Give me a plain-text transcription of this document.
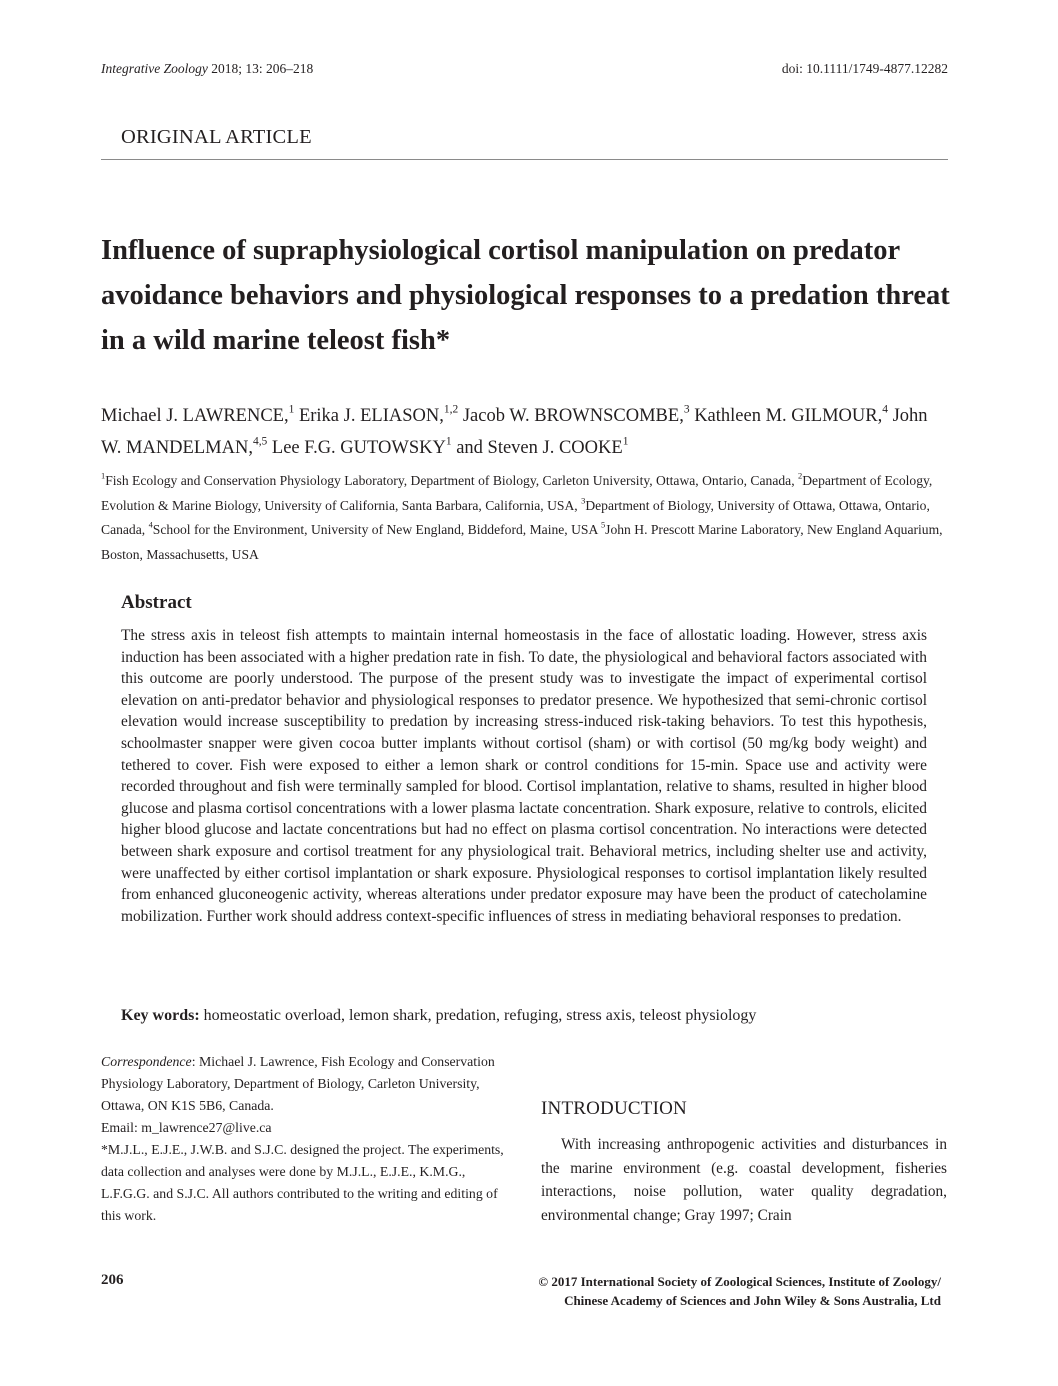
Integrative Zoology 2018; 13: 206–218	doi: 10.1111/1749-4877.12282
ORIGINAL ARTICLE
Influence of supraphysiological cortisol manipulation on predator avoidance behaviors and physiological responses to a predation threat in a wild marine teleost fish*
Michael J. LAWRENCE,$^1$ Erika J. ELIASON,$^{1,2}$ Jacob W. BROWNSCOMBE,$^3$ Kathleen M. GILMOUR,$^4$ John W. MANDELMAN,$^{4,5}$ Lee F.G. GUTOWSKY$^1$ and Steven J. COOKE$^1$
$^1$Fish Ecology and Conservation Physiology Laboratory, Department of Biology, Carleton University, Ottawa, Ontario, Canada, $^2$Department of Ecology, Evolution & Marine Biology, University of California, Santa Barbara, California, USA, $^3$Department of Biology, University of Ottawa, Ottawa, Ontario, Canada, $^4$School for the Environment, University of New England, Biddeford, Maine, USA $^5$John H. Prescott Marine Laboratory, New England Aquarium, Boston, Massachusetts, USA
Abstract

The stress axis in teleost fish attempts to maintain internal homeostasis in the face of allostatic loading. However, stress axis induction has been associated with a higher predation rate in fish. To date, the physiological and behavioral factors associated with this outcome are poorly understood. The purpose of the present study was to investigate the impact of experimental cortisol elevation on anti-predator behavior and physiological responses to predator presence. We hypothesized that semi-chronic cortisol elevation would increase susceptibility to predation by increasing stress-induced risk-taking behaviors. To test this hypothesis, schoolmaster snapper were given cocoa butter implants without cortisol (sham) or with cortisol (50 mg/kg body weight) and tethered to cover. Fish were exposed to either a lemon shark or control conditions for 15-min. Space use and activity were recorded throughout and fish were terminally sampled for blood. Cortisol implantation, relative to shams, resulted in higher blood glucose and plasma cortisol concentrations with a lower plasma lactate concentration. Shark exposure, relative to controls, elicited higher blood glucose and lactate concentrations but had no effect on plasma cortisol concentration. No interactions were detected between shark exposure and cortisol treatment for any physiological trait. Behavioral metrics, including shelter use and activity, were unaffected by either cortisol implantation or shark exposure. Physiological responses to cortisol implantation likely resulted from enhanced gluconeogenic activity, whereas alterations under predator exposure may have been the product of catecholamine mobilization. Further work should address context-specific influences of stress in mediating behavioral responses to predation.

Key words: homeostatic overload, lemon shark, predation, refuging, stress axis, teleost physiology
Correspondence: Michael J. Lawrence, Fish Ecology and Conservation Physiology Laboratory, Department of Biology, Carleton University, Ottawa, ON K1S 5B6, Canada.
Email: m_lawrence27@live.ca
*M.J.L., E.J.E., J.W.B. and S.J.C. designed the project. The experiments, data collection and analyses were done by M.J.L., E.J.E., K.M.G., L.F.G.G. and S.J.C. All authors contributed to the writing and editing of this work.
INTRODUCTION

With increasing anthropogenic activities and disturbances in the marine environment (e.g. coastal development, fisheries interactions, noise pollution, water quality degradation, environmental change; Gray 1997; Crain

206	© 2017 International Society of Zoological Sciences, Institute of Zoology/
Chinese Academy of Sciences and John Wiley & Sons Australia, Ltd
